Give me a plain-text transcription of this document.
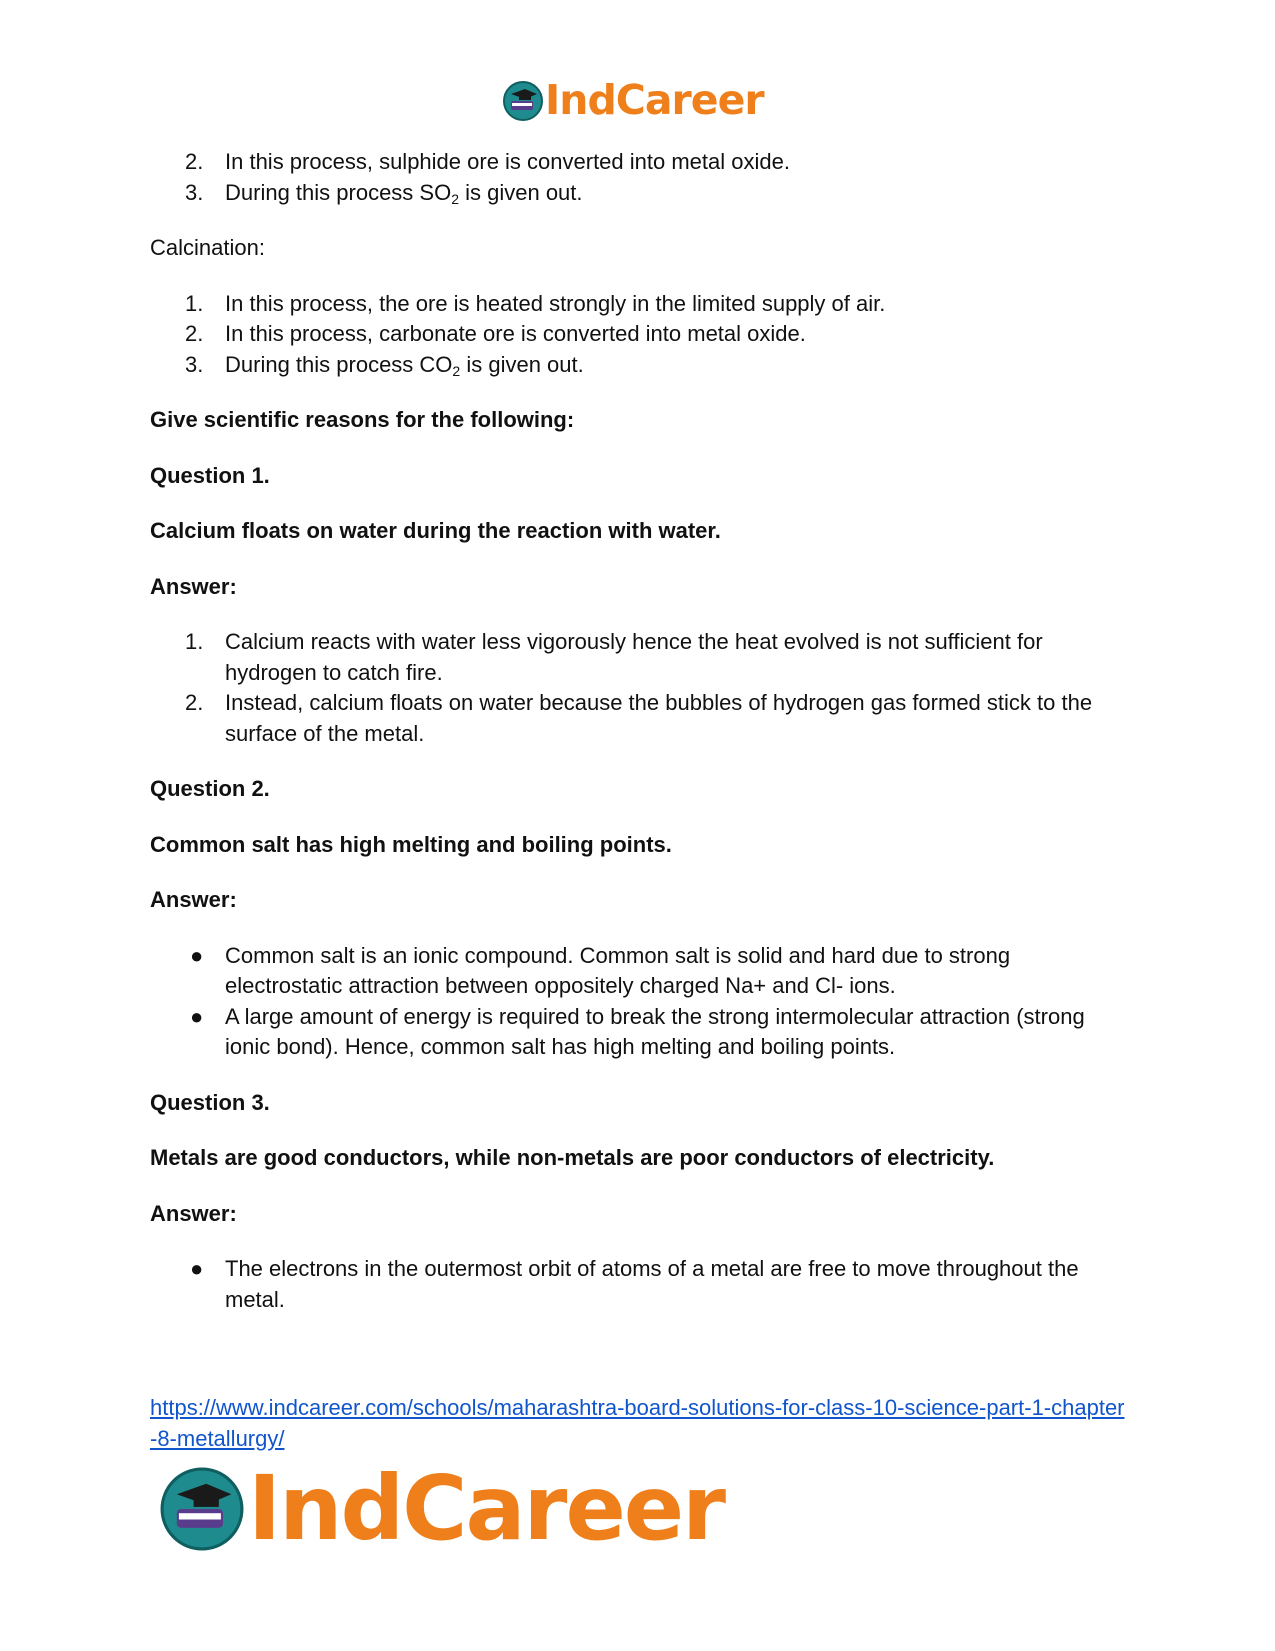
IndCareer
2. In this process, sulphide ore is converted into metal oxide.
3. During this process $SO_2$ is given out.

Calcination:

1. In this process, the ore is heated strongly in the limited supply of air.
2. In this process, carbonate ore is converted into metal oxide.
3. During this process $CO_2$ is given out.

Give scientific reasons for the following:

Question 1.

Calcium floats on water during the reaction with water.

Answer:

1. Calcium reacts with water less vigorously hence the heat evolved is not sufficient for hydrogen to catch fire.
2. Instead, calcium floats on water because the bubbles of hydrogen gas formed stick to the surface of the metal.

Question 2.

Common salt has high melting and boiling points.

Answer:

● Common salt is an ionic compound. Common salt is solid and hard due to strong electrostatic attraction between oppositely charged Na+ and Cl- ions.
● A large amount of energy is required to break the strong intermolecular attraction (strong ionic bond). Hence, common salt has high melting and boiling points.

Question 3.

Metals are good conductors, while non-metals are poor conductors of electricity.

Answer:

● The electrons in the outermost orbit of atoms of a metal are free to move throughout the metal.
https://www.indcareer.com/schools/maharashtra-board-solutions-for-class-10-science-part-1-chapter-8-metallurgy/
IndCareer
